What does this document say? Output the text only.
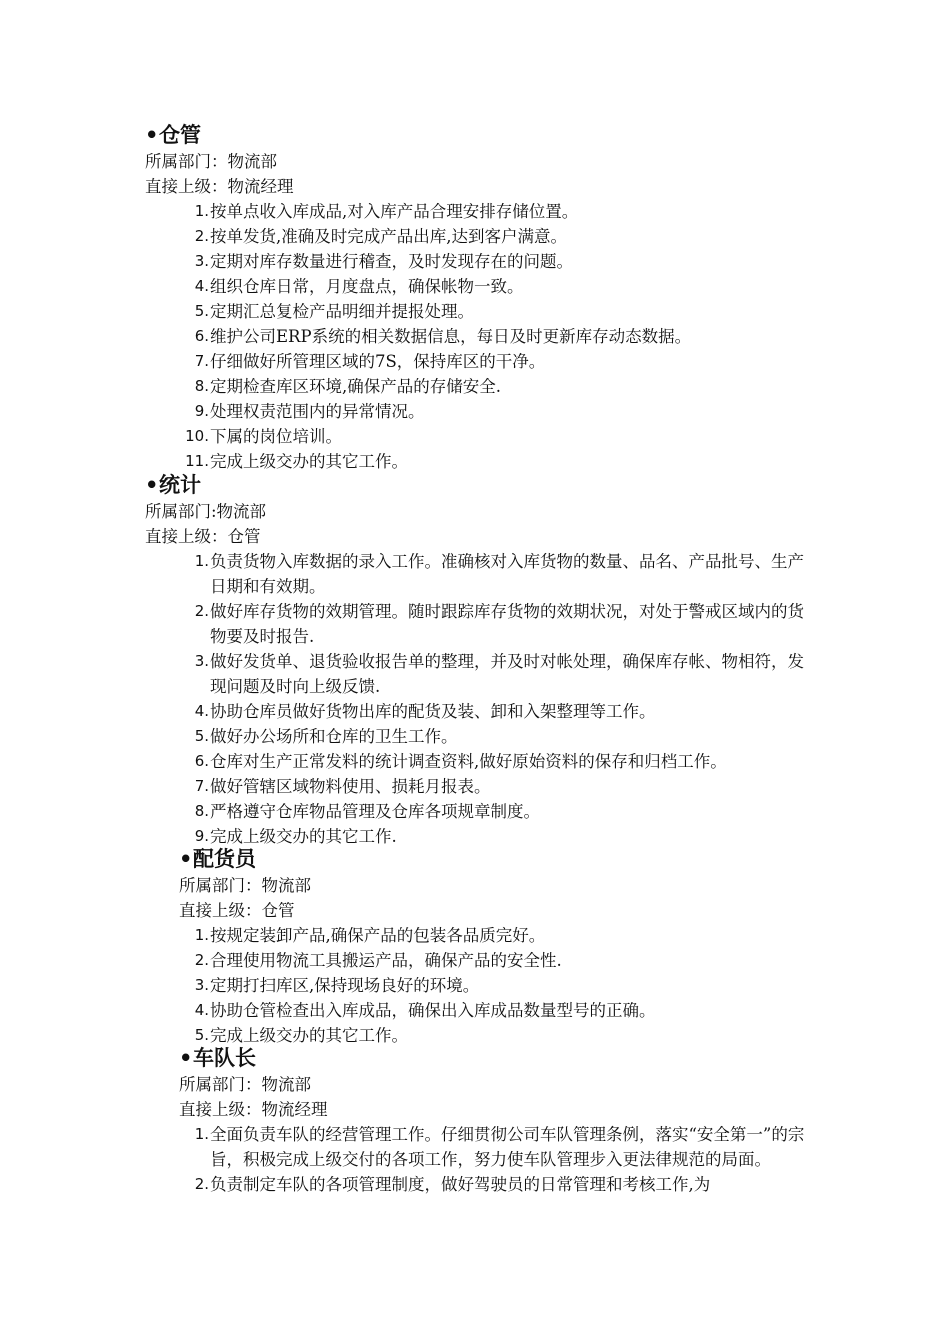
•仓管
所属部门：物流部
直接上级：物流经理
1. 按单点收入库成品,对入库产品合理安排存储位置。
2. 按单发货,准确及时完成产品出库,达到客户满意。
3. 定期对库存数量进行稽查，及时发现存在的问题。
4. 组织仓库日常，月度盘点，确保帐物一致。
5. 定期汇总复检产品明细并提报处理。
6. 维护公司ERP系统的相关数据信息，每日及时更新库存动态数据。
7. 仔细做好所管理区域的7S，保持库区的干净。
8. 定期检查库区环境,确保产品的存储安全.
9. 处理权责范围内的异常情况。
10. 下属的岗位培训。
11. 完成上级交办的其它工作。
•统计
所属部门:物流部
直接上级：仓管
1. 负责货物入库数据的录入工作。准确核对入库货物的数量、品名、产品批号、生产日期和有效期。
2. 做好库存货物的效期管理。随时跟踪库存货物的效期状况，对处于警戒区域内的货物要及时报告.
3. 做好发货单、退货验收报告单的整理，并及时对帐处理，确保库存帐、物相符，发现问题及时向上级反馈.
4. 协助仓库员做好货物出库的配货及装、卸和入架整理等工作。
5. 做好办公场所和仓库的卫生工作。
6. 仓库对生产正常发料的统计调查资料,做好原始资料的保存和归档工作。
7. 做好管辖区域物料使用、损耗月报表。
8. 严格遵守仓库物品管理及仓库各项规章制度。
9. 完成上级交办的其它工作.
•配货员
所属部门：物流部
直接上级：仓管
1. 按规定装卸产品,确保产品的包装各品质完好。
2. 合理使用物流工具搬运产品，确保产品的安全性.
3. 定期打扫库区,保持现场良好的环境。
4. 协助仓管检查出入库成品，确保出入库成品数量型号的正确。
5. 完成上级交办的其它工作。
•车队长
所属部门：物流部
直接上级：物流经理
1. 全面负责车队的经营管理工作。仔细贯彻公司车队管理条例，落实“安全第一”的宗旨，积极完成上级交付的各项工作，努力使车队管理步入更法律规范的局面。
2. 负责制定车队的各项管理制度，做好驾驶员的日常管理和考核工作,为
